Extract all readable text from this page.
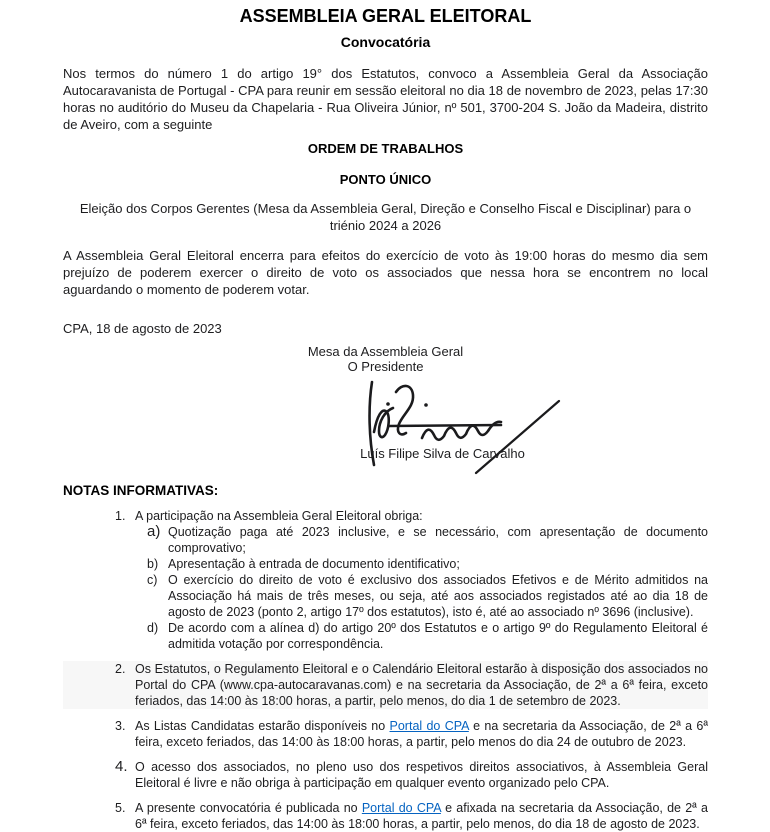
ASSEMBLEIA GERAL ELEITORAL
Convocatória

Nos termos do número 1 do artigo 19° dos Estatutos, convoco a Assembleia Geral da Associação Autocaravanista de Portugal - CPA para reunir em sessão eleitoral no dia 18 de novembro de 2023, pelas 17:30 horas no auditório do Museu da Chapelaria - Rua Oliveira Júnior, nº 501, 3700-204 S. João da Madeira, distrito de Aveiro, com a seguinte

ORDEM DE TRABALHOS
PONTO ÚNICO

Eleição dos Corpos Gerentes (Mesa da Assembleia Geral, Direção e Conselho Fiscal e Disciplinar) para o triénio 2024 a 2026

A Assembleia Geral Eleitoral encerra para efeitos do exercício de voto às 19:00 horas do mesmo dia sem prejuízo de poderem exercer o direito de voto os associados que nessa hora se encontrem no local aguardando o momento de poderem votar.

CPA, 18 de agosto de 2023

Mesa da Assembleia Geral
O Presidente
Luís Filipe Silva de Carvalho
NOTAS INFORMATIVAS:
1. A participação na Assembleia Geral Eleitoral obriga:
a) Quotização paga até 2023 inclusive, e se necessário, com apresentação de documento comprovativo;
b) Apresentação à entrada de documento identificativo;
c) O exercício do direito de voto é exclusivo dos associados Efetivos e de Mérito admitidos na Associação há mais de três meses, ou seja, até aos associados registados até ao dia 18 de agosto de 2023 (ponto 2, artigo 17º dos estatutos), isto é, até ao associado nº 3696 (inclusive).
d) De acordo com a alínea d) do artigo 20º dos Estatutos e o artigo 9º do Regulamento Eleitoral é admitida votação por correspondência.
2. Os Estatutos, o Regulamento Eleitoral e o Calendário Eleitoral estarão à disposição dos associados no Portal do CPA (www.cpa-autocaravanas.com) e na secretaria da Associação, de 2ª a 6ª feira, exceto feriados, das 14:00 às 18:00 horas, a partir, pelo menos, do dia 1 de setembro de 2023.
3. As Listas Candidatas estarão disponíveis no Portal do CPA e na secretaria da Associação, de 2ª a 6ª feira, exceto feriados, das 14:00 às 18:00 horas, a partir, pelo menos do dia 24 de outubro de 2023.
4. O acesso dos associados, no pleno uso dos respetivos direitos associativos, à Assembleia Geral Eleitoral é livre e não obriga à participação em qualquer evento organizado pelo CPA.
5. A presente convocatória é publicada no Portal do CPA e afixada na secretaria da Associação, de 2ª a 6ª feira, exceto feriados, das 14:00 às 18:00 horas, a partir, pelo menos, do dia 18 de agosto de 2023.
